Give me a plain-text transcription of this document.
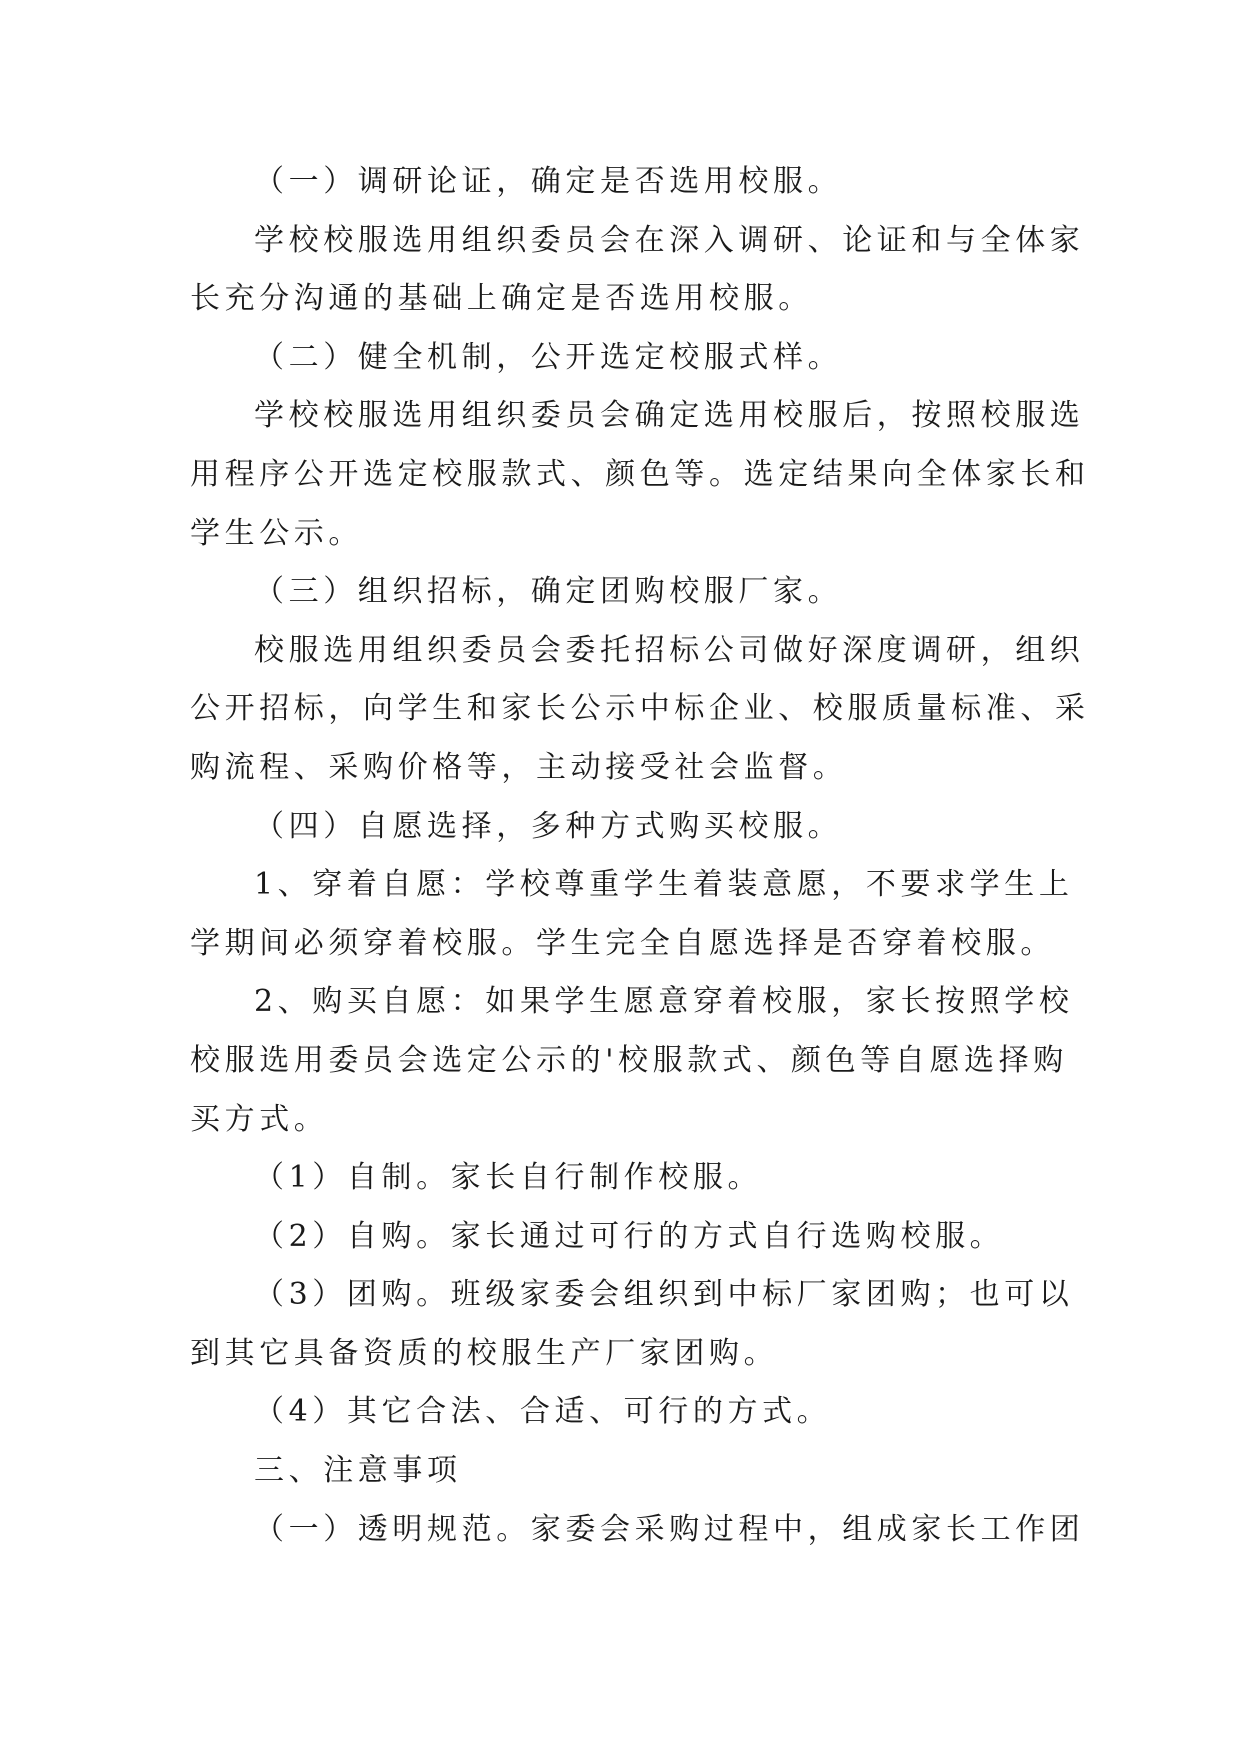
（一）调研论证，确定是否选用校服。
学校校服选用组织委员会在深入调研、论证和与全体家
长充分沟通的基础上确定是否选用校服。
（二）健全机制，公开选定校服式样。
学校校服选用组织委员会确定选用校服后，按照校服选
用程序公开选定校服款式、颜色等。选定结果向全体家长和
学生公示。
（三）组织招标，确定团购校服厂家。
校服选用组织委员会委托招标公司做好深度调研，组织
公开招标，向学生和家长公示中标企业、校服质量标准、采
购流程、采购价格等，主动接受社会监督。
（四）自愿选择，多种方式购买校服。
1、穿着自愿：学校尊重学生着装意愿，不要求学生上
学期间必须穿着校服。学生完全自愿选择是否穿着校服。
2、购买自愿：如果学生愿意穿着校服，家长按照学校
校服选用委员会选定公示的'校服款式、颜色等自愿选择购
买方式。
（1）自制。家长自行制作校服。
（2）自购。家长通过可行的方式自行选购校服。
（3）团购。班级家委会组织到中标厂家团购；也可以
到其它具备资质的校服生产厂家团购。
（4）其它合法、合适、可行的方式。
三、注意事项
（一）透明规范。家委会采购过程中，组成家长工作团
